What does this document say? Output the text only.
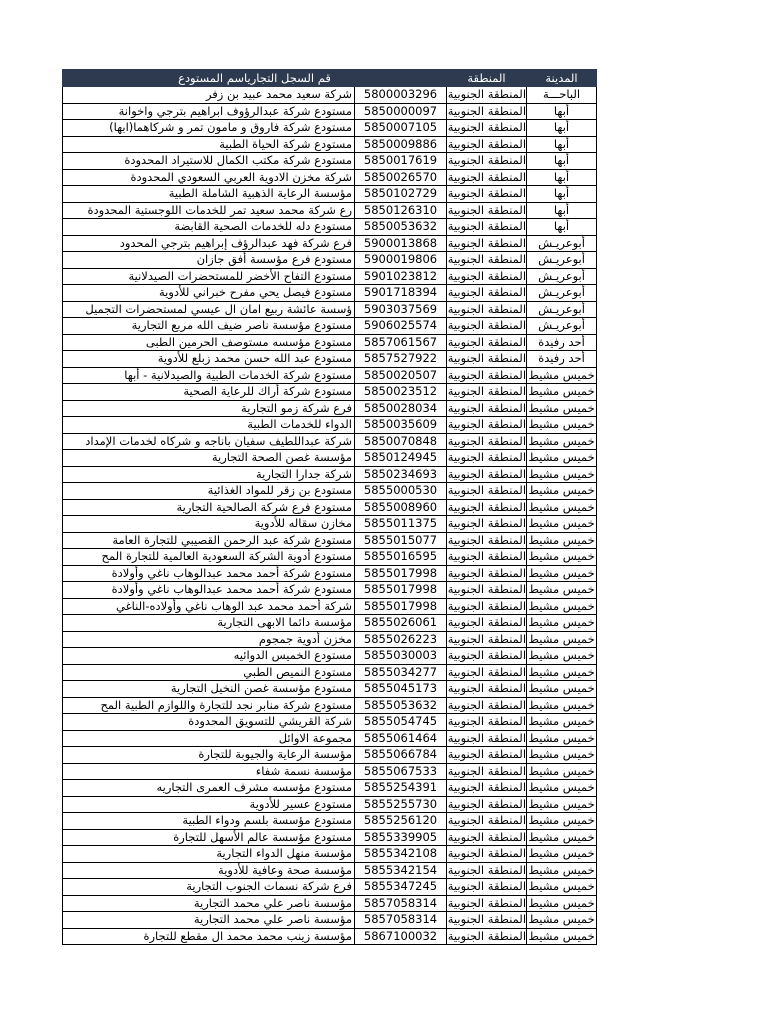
قم السجل التجارياسم المستودع		المنطقة	المدينة
شركة سعيد محمد عبيد بن زفر	5800003296	المنطقة الجنوبية	الباحـــة
مستودع شركة عبدالرؤوف ابراهيم بترجي واخوانة	5850000097	المنطقة الجنوبية	أبها
مستودع شركة فاروق و مامون تمر و شركاهما(ابها)	5850007105	المنطقة الجنوبية	أبها
مستودع شركة الحياة الطبية	5850009886	المنطقة الجنوبية	أبها
مستودع شركة مكتب الكمال للاستيراد المحدودة	5850017619	المنطقة الجنوبية	أبها
شركة مخزن الادوية العربي السعودي المحدودة	5850026570	المنطقة الجنوبية	أبها
مؤسسة الرعاية الذهبية الشاملة الطبية	5850102729	المنطقة الجنوبية	أبها
رع شركة محمد سعيد تمر للخدمات اللوجستية المحدودة	5850126310	المنطقة الجنوبية	أبها
مستودع دله للخدمات الصحية القابضة	5850053632	المنطقة الجنوبية	أبها
فرع شركة فهد عبدالرؤف إبراهيم بترجي المحدود	5900013868	المنطقة الجنوبية	أبوعريـش
مستودع فرع مؤسسة أفق جازان	5900019806	المنطقة الجنوبية	أبوعريـش
مستودع التفاح الأخضر للمستحضرات الصيدلانية	5901023812	المنطقة الجنوبية	أبوعريـش
مستودع فيصل يحي مفرح خبراني للأدوية	5901718394	المنطقة الجنوبية	أبوعريـش
ؤسسة عائشة ربيع امان ال عيسي لمستحضرات التجميل	5903037569	المنطقة الجنوبية	أبوعريـش
مستودع مؤسسة ناصر ضيف الله مربع التجارية	5906025574	المنطقة الجنوبية	أبوعريـش
مستودع مؤسسه مستوصف الحرمين الطبى	5857061567	المنطقة الجنوبية	أحد رفيدة
مستودع عبد الله حسن محمد زبلع للأدوية	5857527922	المنطقة الجنوبية	أحد رفيدة
مستودع شركة الخدمات الطبية والصيدلانية - أبها	5850020507	المنطقة الجنوبية	خميس مشيط
مستودع شركة أراك للرعاية الصحية	5850023512	المنطقة الجنوبية	خميس مشيط
فرع شركة زمو التجارية	5850028034	المنطقة الجنوبية	خميس مشيط
الدواء للخدمات الطبية	5850035609	المنطقة الجنوبية	خميس مشيط
شركة عبداللطيف سفيان باناجه و شركاه لخدمات الإمداد	5850070848	المنطقة الجنوبية	خميس مشيط
مؤسسة غصن الصحة التجارية	5850124945	المنطقة الجنوبية	خميس مشيط
شركة جدارا التجارية	5850234693	المنطقة الجنوبية	خميس مشيط
مستودع بن زقر للمواد الغذائية	5855000530	المنطقة الجنوبية	خميس مشيط
مستودع فرع شركة الصالحية التجارية	5855008960	المنطقة الجنوبية	خميس مشيط
مخازن سقاله للأدوية	5855011375	المنطقة الجنوبية	خميس مشيط
مستودع شركة عبد الرحمن القصيبي للتجارة العامة	5855015077	المنطقة الجنوبية	خميس مشيط
مستودع أدوية الشركة السعودية العالمية للتجارة المح	5855016595	المنطقة الجنوبية	خميس مشيط
مستودع شركة أحمد محمد عبدالوهاب ناغي وأولادة	5855017998	المنطقة الجنوبية	خميس مشيط
مستودع شركة أحمد محمد عبدالوهاب ناغي وأولادة	5855017998	المنطقة الجنوبية	خميس مشيط
شركة أحمد محمد عبد الوهاب ناغي وأولاده-الناغي	5855017998	المنطقة الجنوبية	خميس مشيط
مؤسسة دائما الابهى التجارية	5855026061	المنطقة الجنوبية	خميس مشيط
مخزن أدوية جمجوم	5855026223	المنطقة الجنوبية	خميس مشيط
مستودع الخميس الدوائيه	5855030003	المنطقة الجنوبية	خميس مشيط
مستودع النميص الطبي	5855034277	المنطقة الجنوبية	خميس مشيط
مستودع مؤسسة غصن النخيل التجارية	5855045173	المنطقة الجنوبية	خميس مشيط
مستودع شركة منابر نجد للتجارة واللوازم الطبية المح	5855053632	المنطقة الجنوبية	خميس مشيط
شركة القريشي للتسويق المحدودة	5855054745	المنطقة الجنوبية	خميس مشيط
مجموعة الاوائل	5855061464	المنطقة الجنوبية	خميس مشيط
مؤسسة الرعاية والجيوبة للتجارة	5855066784	المنطقة الجنوبية	خميس مشيط
مؤسسة نسمة شفاء	5855067533	المنطقة الجنوبية	خميس مشيط
مستودع مؤسسه مشرف العمرى التجاريه	5855254391	المنطقة الجنوبية	خميس مشيط
مستودع عسير للأدوية	5855255730	المنطقة الجنوبية	خميس مشيط
مستودع مؤسسة بلسم ودواء الطبية	5855256120	المنطقة الجنوبية	خميس مشيط
مستودع مؤسسة عالم الأسهل للتجارة	5855339905	المنطقة الجنوبية	خميس مشيط
مؤسسة منهل الدواء التجارية	5855342108	المنطقة الجنوبية	خميس مشيط
مؤسسة صحة وعافية للأدوية	5855342154	المنطقة الجنوبية	خميس مشيط
فرع شركة نسمات الجنوب التجارية	5855347245	المنطقة الجنوبية	خميس مشيط
مؤسسة ناصر علي محمد التجارية	5857058314	المنطقة الجنوبية	خميس مشيط
مؤسسة ناصر علي محمد التجارية	5857058314	المنطقة الجنوبية	خميس مشيط
مؤسسة زينب محمد محمد ال مقطع للتجارة	5867100032	المنطقة الجنوبية	خميس مشيط
